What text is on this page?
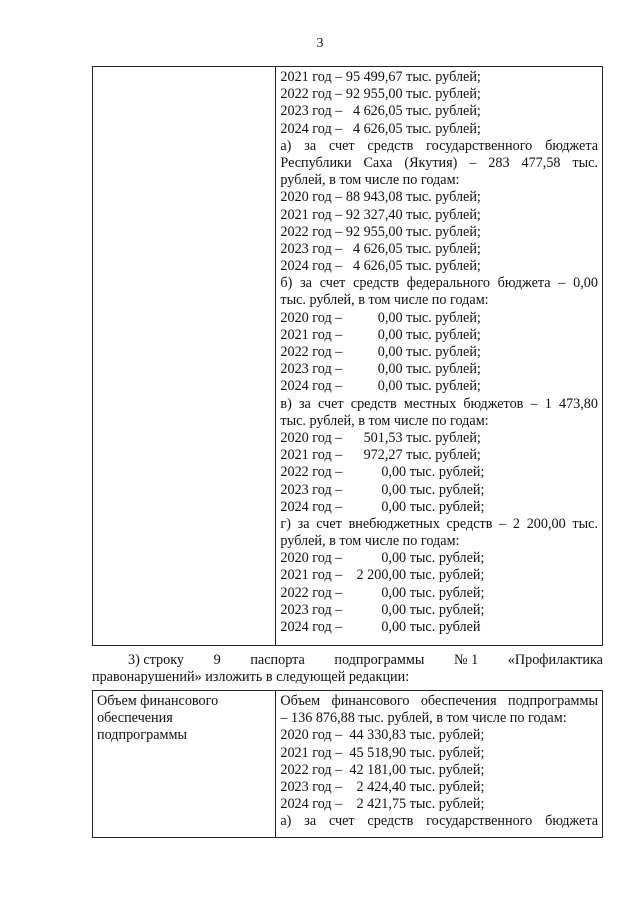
3

2021 год – 95 499,67 тыс. рублей;
2022 год – 92 955,00 тыс. рублей;
2023 год –   4 626,05 тыс. рублей;
2024 год –   4 626,05 тыс. рублей;
а) за счет средств государственного бюджета
Республики Саха (Якутия) – 283 477,58 тыс.
рублей, в том числе по годам:
2020 год – 88 943,08 тыс. рублей;
2021 год – 92 327,40 тыс. рублей;
2022 год – 92 955,00 тыс. рублей;
2023 год –   4 626,05 тыс. рублей;
2024 год –   4 626,05 тыс. рублей;
б) за счет средств федерального бюджета – 0,00
тыс. рублей, в том числе по годам:
2020 год –          0,00 тыс. рублей;
2021 год –          0,00 тыс. рублей;
2022 год –          0,00 тыс. рублей;
2023 год –          0,00 тыс. рублей;
2024 год –          0,00 тыс. рублей;
в) за счет средств местных бюджетов – 1 473,80
тыс. рублей, в том числе по годам:
2020 год –      501,53 тыс. рублей;
2021 год –      972,27 тыс. рублей;
2022 год –           0,00 тыс. рублей;
2023 год –           0,00 тыс. рублей;
2024 год –           0,00 тыс. рублей;
г) за счет внебюджетных средств – 2 200,00 тыс.
рублей, в том числе по годам:
2020 год –           0,00 тыс. рублей;
2021 год –    2 200,00 тыс. рублей;
2022 год –           0,00 тыс. рублей;
2023 год –           0,00 тыс. рублей;
2024 год –           0,00 тыс. рублей
3) строку 9 паспорта подпрограммы № 1 «Профилактика
правонарушений» изложить в следующей редакции:
Объем финансового
обеспечения
подпрограммы

Объем финансового обеспечения подпрограммы
– 136 876,88 тыс. рублей, в том числе по годам:
2020 год –  44 330,83 тыс. рублей;
2021 год –  45 518,90 тыс. рублей;
2022 год –  42 181,00 тыс. рублей;
2023 год –    2 424,40 тыс. рублей;
2024 год –    2 421,75 тыс. рублей;
а) за счет средств государственного бюджета
